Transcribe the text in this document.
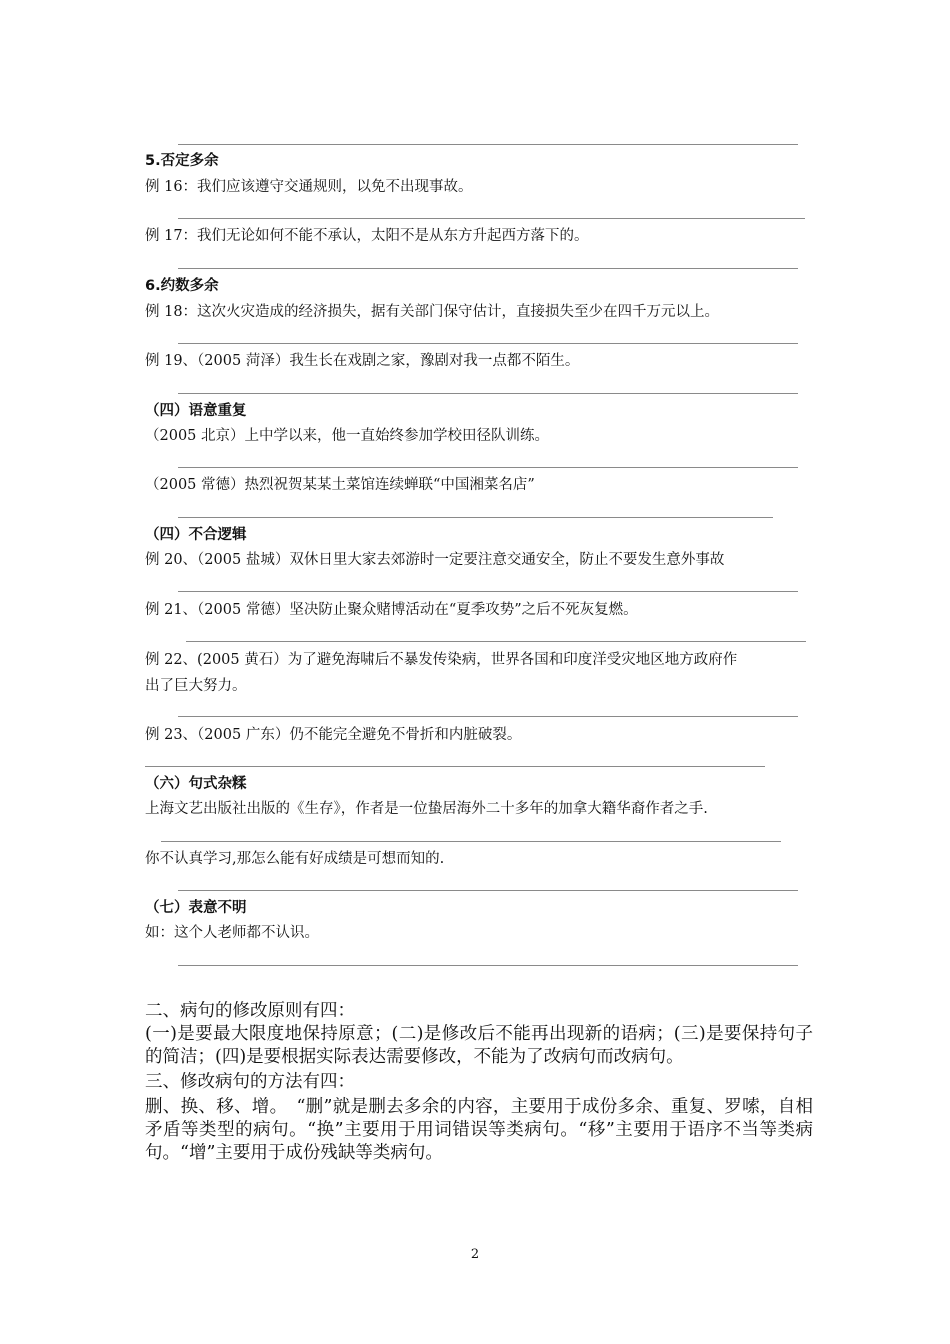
5.否定多余
例 16：我们应该遵守交通规则，以免不出现事故。
例 17：我们无论如何不能不承认，太阳不是从东方升起西方落下的。
6.约数多余
例 18：这次火灾造成的经济损失，据有关部门保守估计，直接损失至少在四千万元以上。
例 19、（2005 菏泽）我生长在戏剧之家，豫剧对我一点都不陌生。
（四）语意重复
（2005 北京）上中学以来，他一直始终参加学校田径队训练。
（2005 常德）热烈祝贺某某土菜馆连续蝉联“中国湘菜名店”
（四）不合逻辑
例 20、（2005 盐城）双休日里大家去郊游时一定要注意交通安全，防止不要发生意外事故
例 21、（2005 常德）坚决防止聚众赌博活动在“夏季攻势”之后不死灰复燃。
例 22、(2005 黄石）为了避免海啸后不暴发传染病，世界各国和印度洋受灾地区地方政府作
出了巨大努力。
例 23、（2005 广东）仍不能完全避免不骨折和内脏破裂。
（六）句式杂糅
上海文艺出版社出版的《生存》，作者是一位蛰居海外二十多年的加拿大籍华裔作者之手.
你不认真学习,那怎么能有好成绩是可想而知的.
（七）表意不明
如：这个人老师都不认识。
二、病句的修改原则有四：
(一)是要最大限度地保持原意；(二)是修改后不能再出现新的语病；(三)是要保持句子的简洁；(四)是要根据实际表达需要修改，不能为了改病句而改病句。
三、修改病句的方法有四：
删、换、移、增。　“删”就是删去多余的内容，主要用于成份多余、重复、罗嗦，自相矛盾等类型的病句。“换”主要用于用词错误等类病句。“移”主要用于语序不当等类病句。“增”主要用于成份残缺等类病句。
2
